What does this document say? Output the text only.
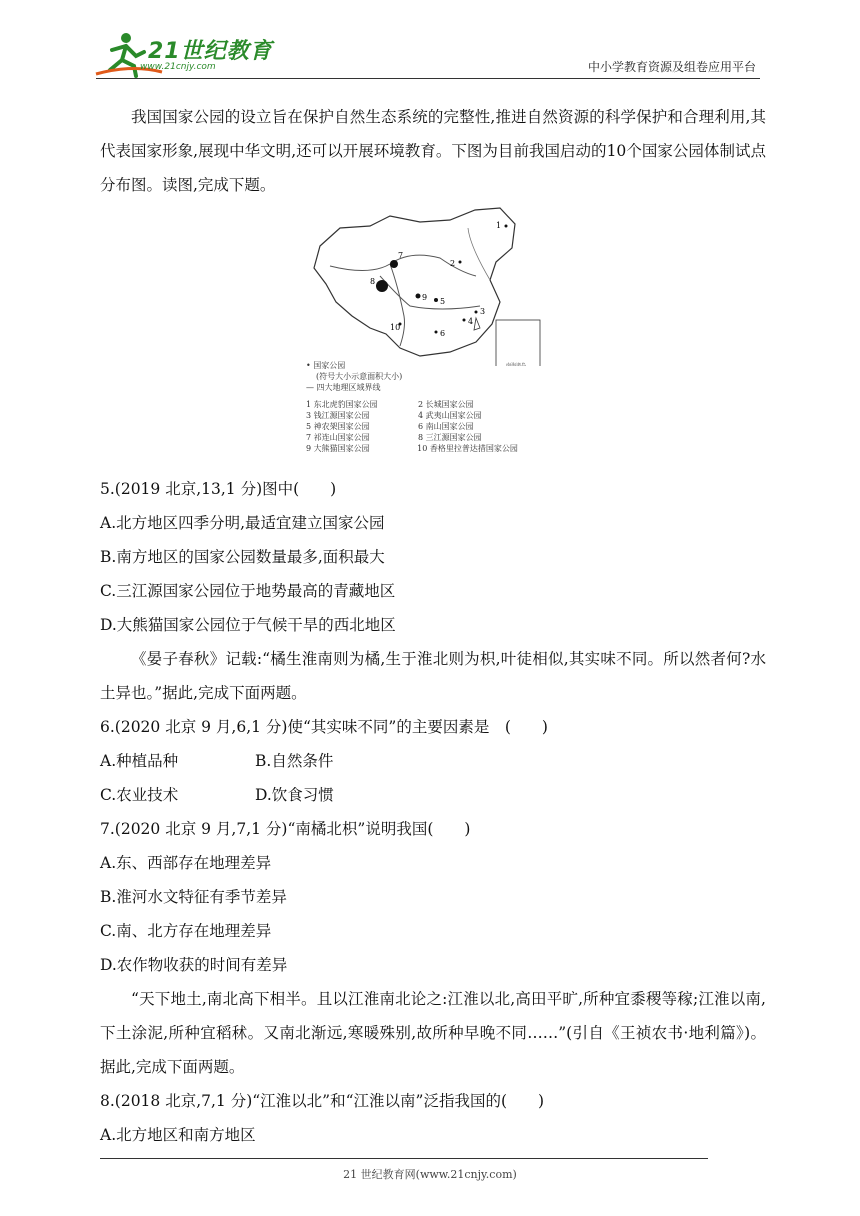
21世纪教育
www.21cnjy.com	中小学教育资源及组卷应用平台

我国国家公园的设立旨在保护自然生态系统的完整性,推进自然资源的科学保护和合理利用,其代表国家形象,展现中华文明,还可以开展环境教育。下图为目前我国启动的10个国家公园体制试点分布图。读图,完成下题。

南海诸岛
1
2
3
4
5
6
7
8
9
10
• 国家公园
(符号大小示意面积大小)
— 四大地理区域界线
1 东北虎豹国家公园	2 长城国家公园
3 钱江源国家公园	4 武夷山国家公园
5 神农架国家公园	6 南山国家公园
7 祁连山国家公园	8 三江源国家公园
9 大熊猫国家公园	10 香格里拉普达措国家公园

5.(2019 北京,13,1 分)图中(　　)

A.北方地区四季分明,最适宜建立国家公园

B.南方地区的国家公园数量最多,面积最大

C.三江源国家公园位于地势最高的青藏地区

D.大熊猫国家公园位于气候干旱的西北地区

《晏子春秋》记载:“橘生淮南则为橘,生于淮北则为枳,叶徒相似,其实味不同。所以然者何?水土异也。”据此,完成下面两题。

6.(2020 北京 9 月,6,1 分)使“其实味不同”的主要因素是　(　　)

A.种植品种	B.自然条件
C.农业技术	D.饮食习惯

7.(2020 北京 9 月,7,1 分)“南橘北枳”说明我国(　　)

A.东、西部存在地理差异

B.淮河水文特征有季节差异

C.南、北方存在地理差异

D.农作物收获的时间有差异

“天下地土,南北高下相半。且以江淮南北论之:江淮以北,高田平旷,所种宜黍稷等稼;江淮以南,下土涂泥,所种宜稻秫。又南北渐远,寒暖殊别,故所种早晚不同……”(引自《王祯农书·地利篇》)。据此,完成下面两题。

8.(2018 北京,7,1 分)“江淮以北”和“江淮以南”泛指我国的(　　)

A.北方地区和南方地区

21 世纪教育网(www.21cnjy.com)
